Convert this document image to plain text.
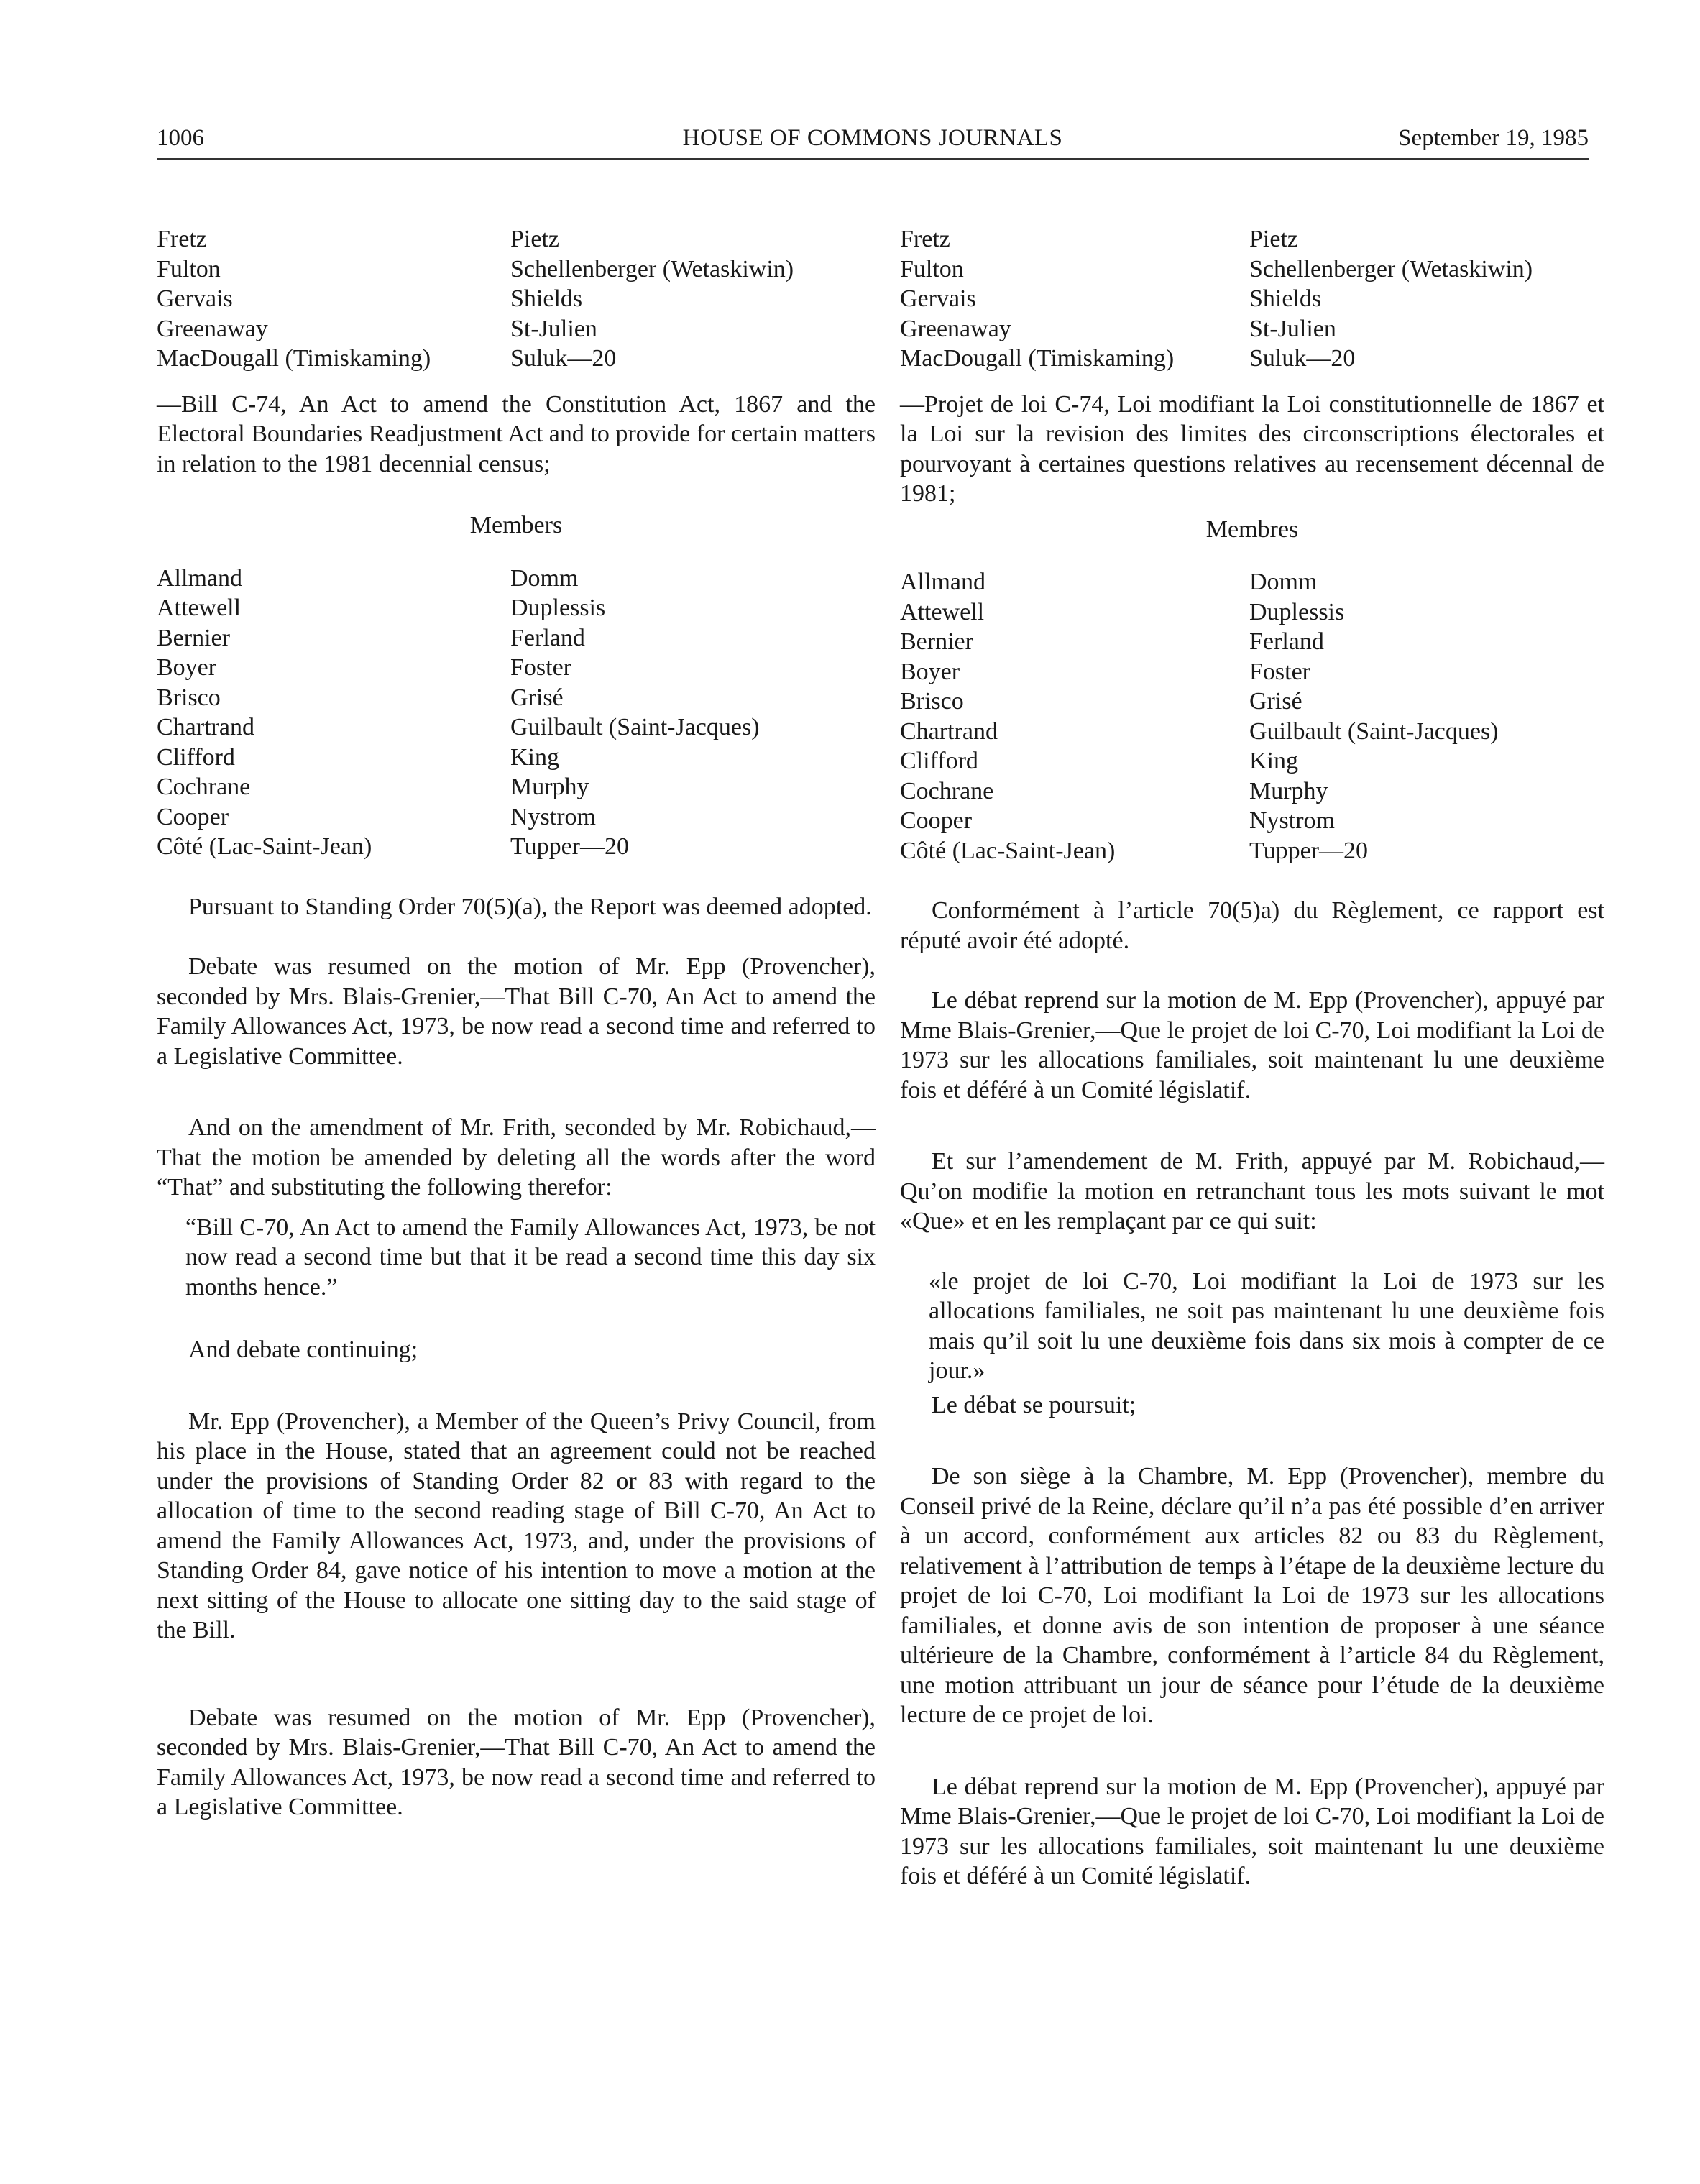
1006	HOUSE OF COMMONS JOURNALS	September 19, 1985
Fretz	Pietz
Fulton	Schellenberger (Wetaskiwin)
Gervais	Shields
Greenaway	St-Julien
MacDougall (Timiskaming)	Suluk—20

—Bill C-74, An Act to amend the Constitution Act, 1867 and the Electoral Boundaries Readjustment Act and to provide for certain matters in relation to the 1981 decennial census;

Members
Allmand	Domm
Attewell	Duplessis
Bernier	Ferland
Boyer	Foster
Brisco	Grisé
Chartrand	Guilbault (Saint-Jacques)
Clifford	King
Cochrane	Murphy
Cooper	Nystrom
Côté (Lac-Saint-Jean)	Tupper—20

Pursuant to Standing Order 70(5)(a), the Report was deemed adopted.

Debate was resumed on the motion of Mr. Epp (Provencher), seconded by Mrs. Blais-Grenier,—That Bill C-70, An Act to amend the Family Allowances Act, 1973, be now read a second time and referred to a Legislative Committee.

And on the amendment of Mr. Frith, seconded by Mr. Robichaud,—That the motion be amended by deleting all the words after the word “That” and substituting the following therefor:

“Bill C-70, An Act to amend the Family Allowances Act, 1973, be not now read a second time but that it be read a second time this day six months hence.”

And debate continuing;

Mr. Epp (Provencher), a Member of the Queen’s Privy Council, from his place in the House, stated that an agreement could not be reached under the provisions of Standing Order 82 or 83 with regard to the allocation of time to the second reading stage of Bill C-70, An Act to amend the Family Allowances Act, 1973, and, under the provisions of Standing Order 84, gave notice of his intention to move a motion at the next sitting of the House to allocate one sitting day to the said stage of the Bill.

Debate was resumed on the motion of Mr. Epp (Provencher), seconded by Mrs. Blais-Grenier,—That Bill C-70, An Act to amend the Family Allowances Act, 1973, be now read a second time and referred to a Legislative Committee.

Fretz	Pietz
Fulton	Schellenberger (Wetaskiwin)
Gervais	Shields
Greenaway	St-Julien
MacDougall (Timiskaming)	Suluk—20

—Projet de loi C-74, Loi modifiant la Loi constitutionnelle de 1867 et la Loi sur la revision des limites des circonscriptions électorales et pourvoyant à certaines questions relatives au recensement décennal de 1981;

Membres
Allmand	Domm
Attewell	Duplessis
Bernier	Ferland
Boyer	Foster
Brisco	Grisé
Chartrand	Guilbault (Saint-Jacques)
Clifford	King
Cochrane	Murphy
Cooper	Nystrom
Côté (Lac-Saint-Jean)	Tupper—20

Conformément à l’article 70(5)a) du Règlement, ce rapport est réputé avoir été adopté.

Le débat reprend sur la motion de M. Epp (Provencher), appuyé par Mme Blais-Grenier,—Que le projet de loi C-70, Loi modifiant la Loi de 1973 sur les allocations familiales, soit maintenant lu une deuxième fois et déféré à un Comité législatif.

Et sur l’amendement de M. Frith, appuyé par M. Robichaud,—Qu’on modifie la motion en retranchant tous les mots suivant le mot «Que» et en les remplaçant par ce qui suit:

«le projet de loi C-70, Loi modifiant la Loi de 1973 sur les allocations familiales, ne soit pas maintenant lu une deuxième fois mais qu’il soit lu une deuxième fois dans six mois à compter de ce jour.»

Le débat se poursuit;

De son siège à la Chambre, M. Epp (Provencher), membre du Conseil privé de la Reine, déclare qu’il n’a pas été possible d’en arriver à un accord, conformément aux articles 82 ou 83 du Règlement, relativement à l’attribution de temps à l’étape de la deuxième lecture du projet de loi C-70, Loi modifiant la Loi de 1973 sur les allocations familiales, et donne avis de son intention de proposer à une séance ultérieure de la Chambre, conformément à l’article 84 du Règlement, une motion attribuant un jour de séance pour l’étude de la deuxième lecture de ce projet de loi.

Le débat reprend sur la motion de M. Epp (Provencher), appuyé par Mme Blais-Grenier,—Que le projet de loi C-70, Loi modifiant la Loi de 1973 sur les allocations familiales, soit maintenant lu une deuxième fois et déféré à un Comité législatif.
